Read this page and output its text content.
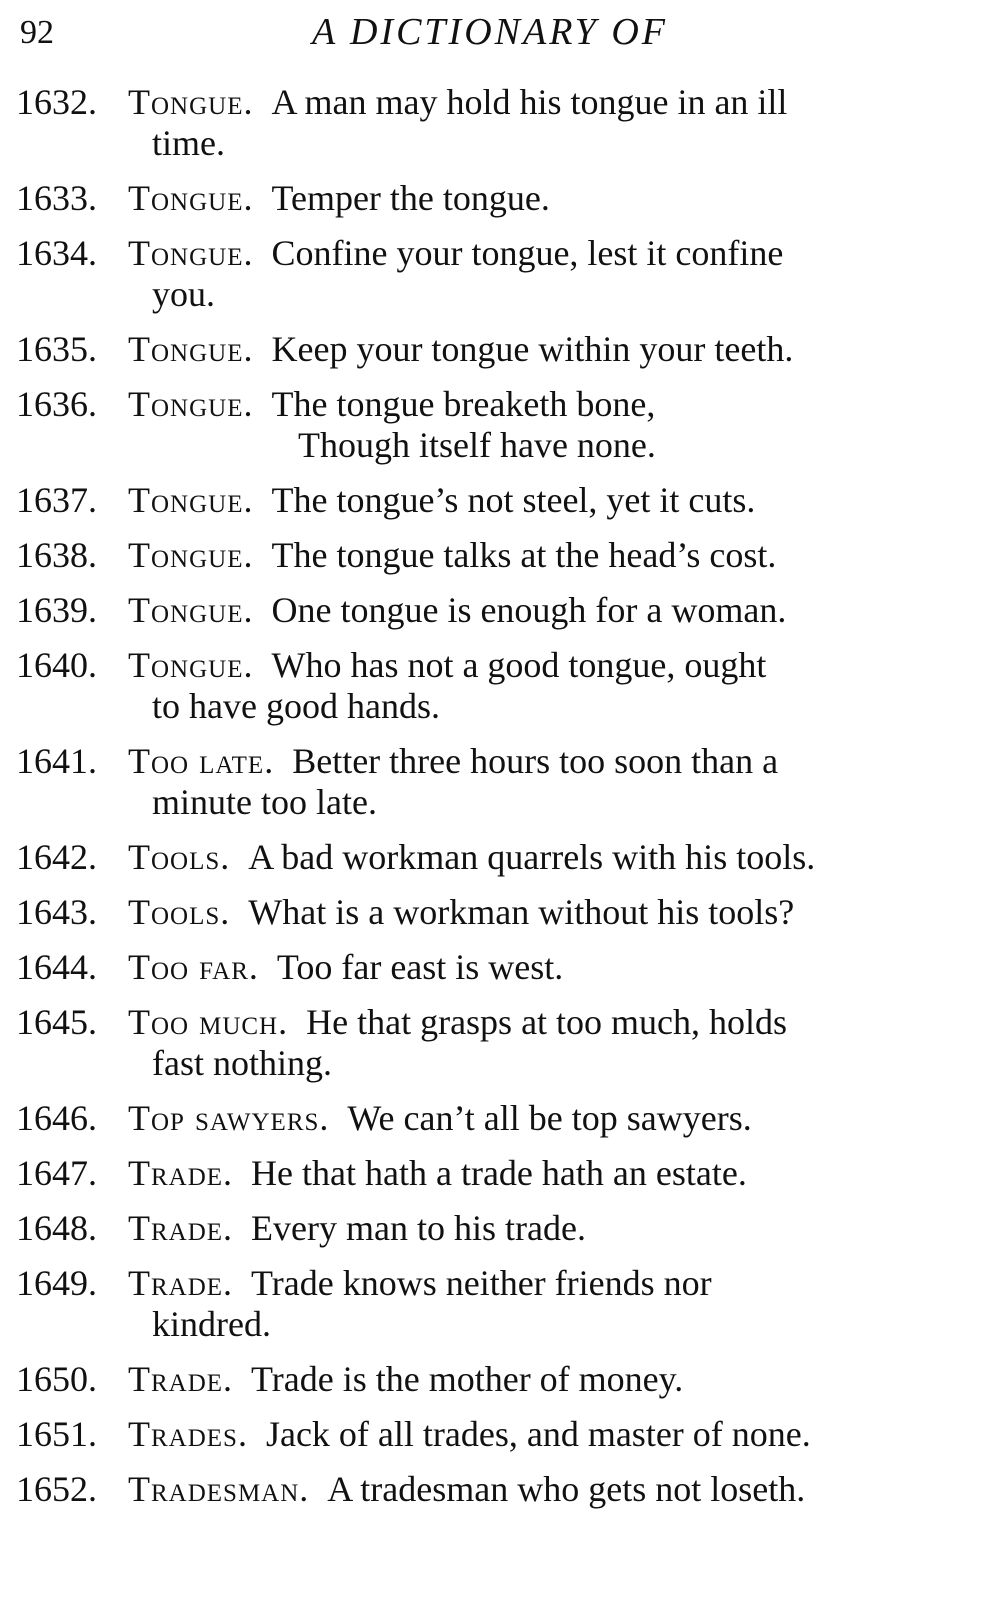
92	A DICTIONARY OF
1632. Tongue. A man may hold his tongue in an ill
time.
1633. Tongue. Temper the tongue.
1634. Tongue. Confine your tongue, lest it confine
you.
1635. Tongue. Keep your tongue within your teeth.
1636. Tongue. The tongue breaketh bone,
Though itself have none.
1637. Tongue. The tongue’s not steel, yet it cuts.
1638. Tongue. The tongue talks at the head’s cost.
1639. Tongue. One tongue is enough for a woman.
1640. Tongue. Who has not a good tongue, ought
to have good hands.
1641. Too late. Better three hours too soon than a
minute too late.
1642. Tools. A bad workman quarrels with his tools.
1643. Tools. What is a workman without his tools?
1644. Too far. Too far east is west.
1645. Too much. He that grasps at too much, holds
fast nothing.
1646. Top sawyers. We can’t all be top sawyers.
1647. Trade. He that hath a trade hath an estate.
1648. Trade. Every man to his trade.
1649. Trade. Trade knows neither friends nor
kindred.
1650. Trade. Trade is the mother of money.
1651. Trades. Jack of all trades, and master of none.
1652. Tradesman. A tradesman who gets not loseth.
